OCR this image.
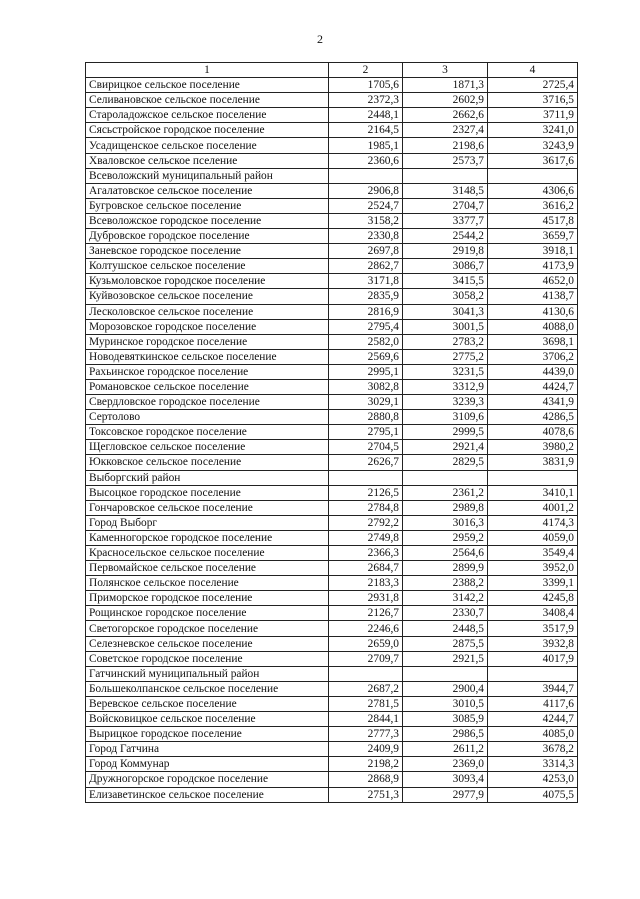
2
1	2	3	4
Свирицкое сельское поселение	1705,6	1871,3	2725,4
Селивановское сельское поселение	2372,3	2602,9	3716,5
Староладожское сельское поселение	2448,1	2662,6	3711,9
Сясьстройское городское поселение	2164,5	2327,4	3241,0
Усадищенское сельское поселение	1985,1	2198,6	3243,9
Хваловское сельское пселение	2360,6	2573,7	3617,6
Всеволожский муниципальный район			
Агалатовское сельское поселение	2906,8	3148,5	4306,6
Бугровское сельское поселение	2524,7	2704,7	3616,2
Всеволожское городское поселение	3158,2	3377,7	4517,8
Дубровское городское поселение	2330,8	2544,2	3659,7
Заневское городское поселение	2697,8	2919,8	3918,1
Колтушское сельское поселение	2862,7	3086,7	4173,9
Кузьмоловское городское поселение	3171,8	3415,5	4652,0
Куйвозовское сельское поселение	2835,9	3058,2	4138,7
Лесколовское сельское поселение	2816,9	3041,3	4130,6
Морозовское городское поселение	2795,4	3001,5	4088,0
Муринское городское поселение	2582,0	2783,2	3698,1
Новодевяткинское сельское поселение	2569,6	2775,2	3706,2
Рахьинское городское поселение	2995,1	3231,5	4439,0
Романовское сельское поселение	3082,8	3312,9	4424,7
Свердловское городское поселение	3029,1	3239,3	4341,9
Сертолово	2880,8	3109,6	4286,5
Токсовское городское поселение	2795,1	2999,5	4078,6
Щегловское сельское поселение	2704,5	2921,4	3980,2
Юкковское сельское поселение	2626,7	2829,5	3831,9
Выборгский район			
Высоцкое городское поселение	2126,5	2361,2	3410,1
Гончаровское сельское поселение	2784,8	2989,8	4001,2
Город Выборг	2792,2	3016,3	4174,3
Каменногорское городское поселение	2749,8	2959,2	4059,0
Красносельское сельское поселение	2366,3	2564,6	3549,4
Первомайское сельское поселение	2684,7	2899,9	3952,0
Полянское сельское поселение	2183,3	2388,2	3399,1
Приморское городское поселение	2931,8	3142,2	4245,8
Рощинское городское поселение	2126,7	2330,7	3408,4
Светогорское городское поселение	2246,6	2448,5	3517,9
Селезневское сельское поселение	2659,0	2875,5	3932,8
Советское городское поселение	2709,7	2921,5	4017,9
Гатчинский муниципальный район			
Большеколпанское сельское поселение	2687,2	2900,4	3944,7
Веревское сельское поселение	2781,5	3010,5	4117,6
Войсковицкое сельское поселение	2844,1	3085,9	4244,7
Вырицкое городское поселение	2777,3	2986,5	4085,0
Город Гатчина	2409,9	2611,2	3678,2
Город Коммунар	2198,2	2369,0	3314,3
Дружногорское городское поселение	2868,9	3093,4	4253,0
Елизаветинское сельское поселение	2751,3	2977,9	4075,5
